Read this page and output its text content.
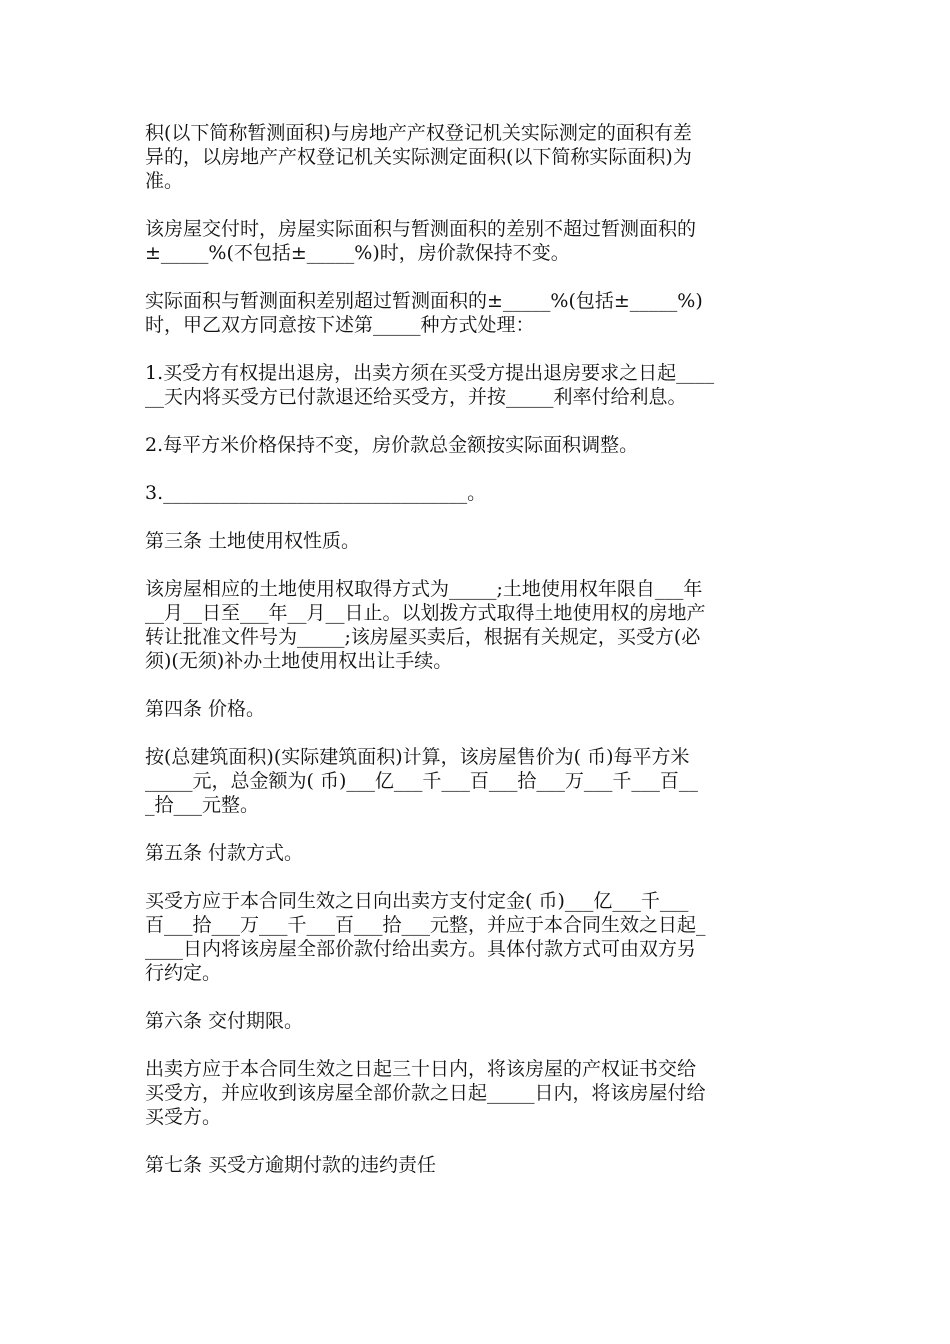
积(以下简称暂测面积)与房地产产权登记机关实际测定的面积有差
异的，以房地产产权登记机关实际测定面积(以下简称实际面积)为
准。

该房屋交付时，房屋实际面积与暂测面积的差别不超过暂测面积的
±_____%(不包括±_____%)时，房价款保持不变。

实际面积与暂测面积差别超过暂测面积的±_____%(包括±_____%)
时，甲乙双方同意按下述第_____种方式处理：

1.买受方有权提出退房，出卖方须在买受方提出退房要求之日起____
__天内将买受方已付款退还给买受方，并按_____利率付给利息。

2.每平方米价格保持不变，房价款总金额按实际面积调整。

3.________________________________。

第三条 土地使用权性质。

该房屋相应的土地使用权取得方式为_____;土地使用权年限自___年
__月__日至___年__月__日止。以划拨方式取得土地使用权的房地产
转让批准文件号为_____;该房屋买卖后，根据有关规定，买受方(必
须)(无须)补办土地使用权出让手续。

第四条 价格。

按(总建筑面积)(实际建筑面积)计算，该房屋售价为( 币)每平方米
_____元，总金额为( 币)___亿___千___百___拾___万___千___百__
_拾___元整。

第五条 付款方式。

买受方应于本合同生效之日向出卖方支付定金( 币)___亿___千___
百___拾___万___千___百___拾___元整，并应于本合同生效之日起_
____日内将该房屋全部价款付给出卖方。具体付款方式可由双方另
行约定。

第六条 交付期限。

出卖方应于本合同生效之日起三十日内，将该房屋的产权证书交给
买受方，并应收到该房屋全部价款之日起_____日内，将该房屋付给
买受方。

第七条 买受方逾期付款的违约责任
